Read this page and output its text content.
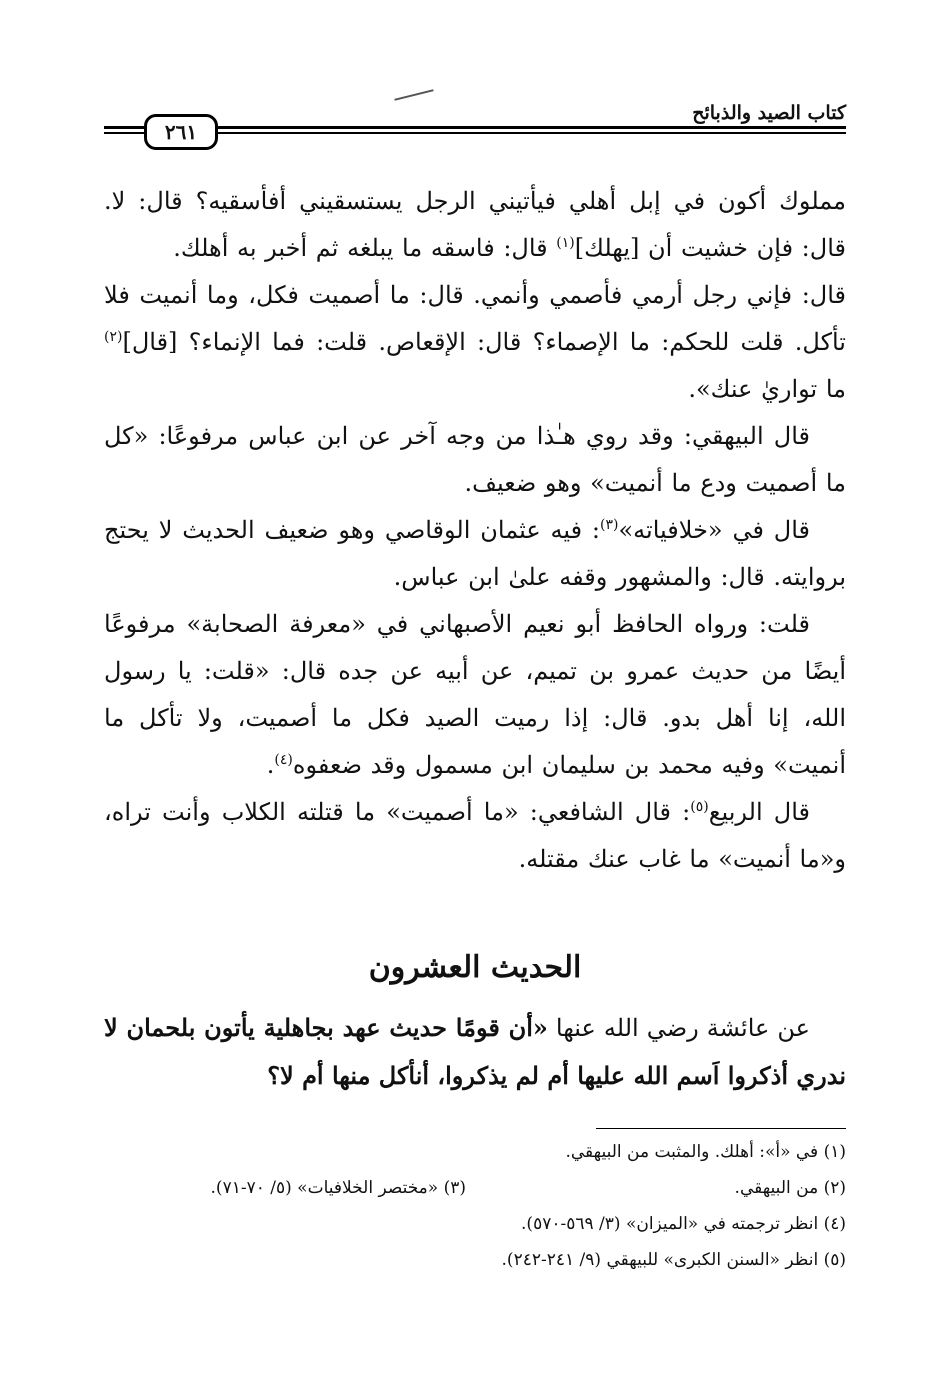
كتاب الصيد والذبائح
٢٦١

مملوك أكون في إبل أهلي فيأتيني الرجل يستسقيني أفأسقيه؟ قال: لا. قال: فإن خشيت أن [يهلك]$^{(١)}$ قال: فاسقه ما يبلغه ثم أخبر به أهلك.

قال: فإني رجل أرمي فأصمي وأنمي. قال: ما أصميت فكل، وما أنميت فلا تأكل. قلت للحكم: ما الإصماء؟ قال: الإقعاص. قلت: فما الإنماء؟ [قال]$^{(٢)}$ ما تواريٰ عنك».

قال البيهقي: وقد روي هـٰذا من وجه آخر عن ابن عباس مرفوعًا: «كل ما أصميت ودع ما أنميت» وهو ضعيف.

قال في «خلافياته»$^{(٣)}$: فيه عثمان الوقاصي وهو ضعيف الحديث لا يحتج بروايته. قال: والمشهور وقفه علىٰ ابن عباس.

قلت: ورواه الحافظ أبو نعيم الأصبهاني في «معرفة الصحابة» مرفوعًا أيضًا من حديث عمرو بن تميم، عن أبيه عن جده قال: «قلت: يا رسول الله، إنا أهل بدو. قال: إذا رميت الصيد فكل ما أصميت، ولا تأكل ما أنميت» وفيه محمد بن سليمان ابن مسمول وقد ضعفوه$^{(٤)}$.

قال الربيع$^{(٥)}$: قال الشافعي: «ما أصميت» ما قتلته الكلاب وأنت تراه، و«ما أنميت» ما غاب عنك مقتله.

الحديث العشرون
عن عائشة رضي الله عنها «أن قومًا حديث عهد بجاهلية يأتون بلحمان لا ندري أذكروا اَسم الله عليها أم لم يذكروا، أنأكل منها أم لا؟
(١) في «أ»: أهلك. والمثبت من البيهقي.
(٢) من البيهقي.
(٣) «مختصر الخلافيات» (٥/ ٧٠-٧١).
(٤) انظر ترجمته في «الميزان» (٣/ ٥٦٩-٥٧٠).
(٥) انظر «السنن الكبرى» للبيهقي (٩/ ٢٤١-٢٤٢).
